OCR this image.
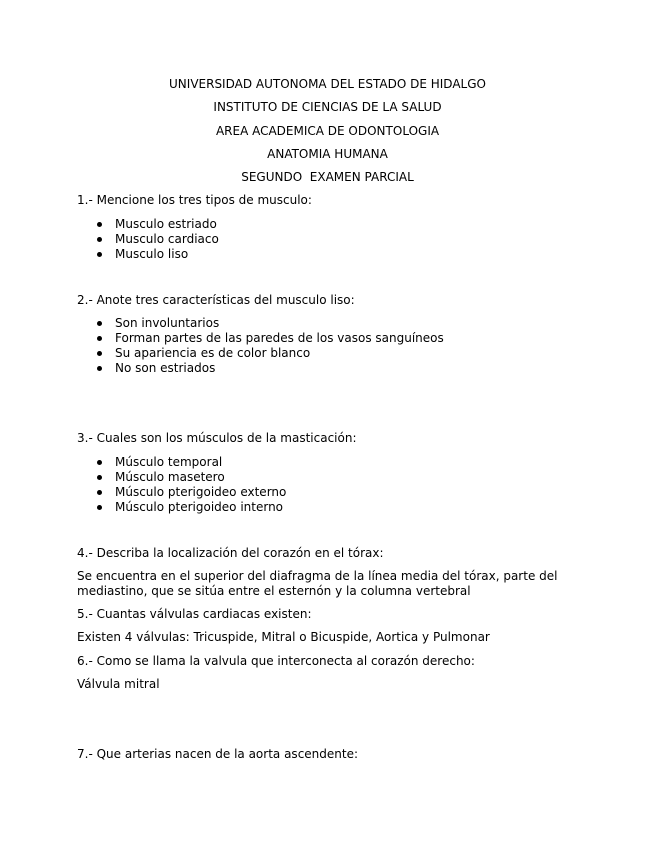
UNIVERSIDAD AUTONOMA DEL ESTADO DE HIDALGO
INSTITUTO DE CIENCIAS DE LA SALUD
AREA ACADEMICA DE ODONTOLOGIA
ANATOMIA HUMANA
SEGUNDO  EXAMEN PARCIAL
1.- Mencione los tres tipos de musculo:
Musculo estriado
Musculo cardiaco
Musculo liso
2.- Anote tres características del musculo liso:
Son involuntarios
Forman partes de las paredes de los vasos sanguíneos
Su apariencia es de color blanco
No son estriados
3.- Cuales son los músculos de la masticación:
Músculo temporal
Músculo masetero
Músculo pterigoideo externo
Músculo pterigoideo interno
4.- Describa la localización del corazón en el tórax:
Se encuentra en el superior del diafragma de la línea media del tórax, parte del
mediastino, que se sitúa entre el esternón y la columna vertebral
5.- Cuantas válvulas cardiacas existen:
Existen 4 válvulas: Tricuspide, Mitral o Bicuspide, Aortica y Pulmonar
6.- Como se llama la valvula que interconecta al corazón derecho:
Válvula mitral
7.- Que arterias nacen de la aorta ascendente:
